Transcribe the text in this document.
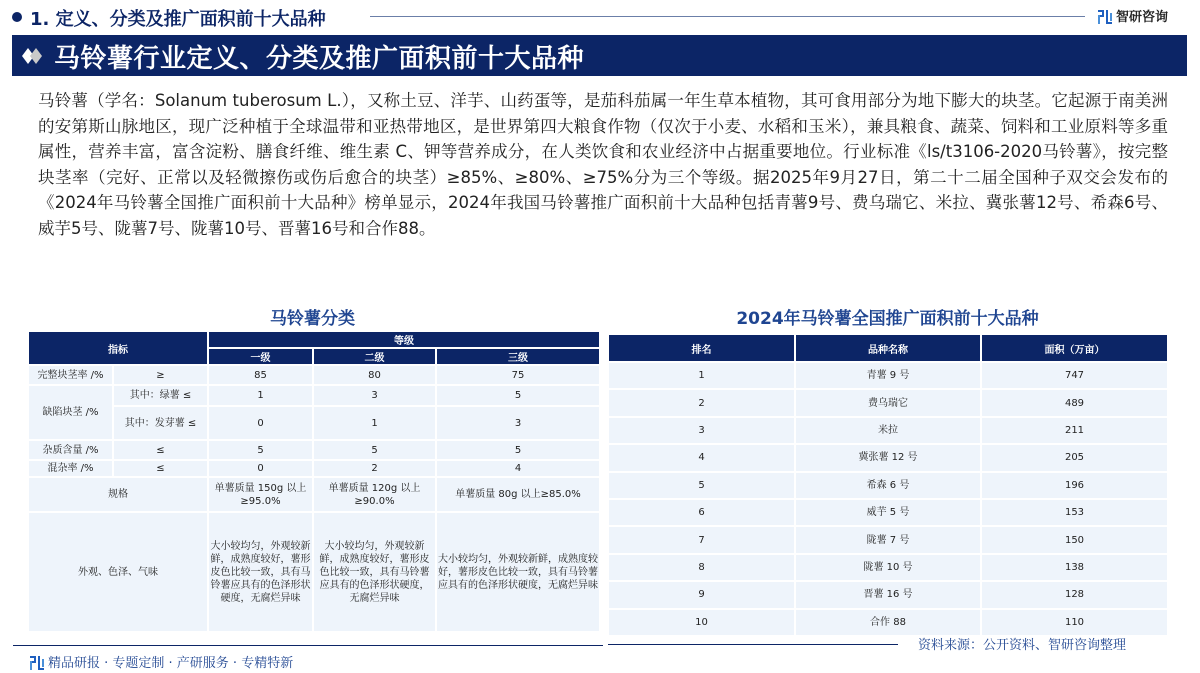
1. 定义、分类及推广面积前十大品种	智研咨询
马铃薯行业定义、分类及推广面积前十大品种

马铃薯（学名：Solanum tuberosum L.），又称土豆、洋芋、山药蛋等，是茄科茄属一年生草本植物，其可食用部分为地下膨大的块茎。它起源于南美洲的安第斯山脉地区，现广泛种植于全球温带和亚热带地区，是世界第四大粮食作物（仅次于小麦、水稻和玉米），兼具粮食、蔬菜、饲料和工业原料等多重属性，营养丰富，富含淀粉、膳食纤维、维生素 C、钾等营养成分，在人类饮食和农业经济中占据重要地位。行业标准《ls/t3106-2020马铃薯》，按完整块茎率（完好、正常以及轻微擦伤或伤后愈合的块茎）≥85%、≥80%、≥75%分为三个等级。据2025年9月27日，第二十二届全国种子双交会发布的《2024年马铃薯全国推广面积前十大品种》榜单显示，2024年我国马铃薯推广面积前十大品种包括青薯9号、费乌瑞它、米拉、冀张薯12号、希森6号、威芋5号、陇薯7号、陇薯10号、晋薯16号和合作88。

马铃薯分类
指标		等级		
		一级	二级	三级
完整块茎率 /%	≥	85	80	75
缺陷块茎 /%	其中：绿薯 ≤	1	3	5
	其中：发芽薯 ≤	0	1	3
杂质含量 /%	≤	5	5	5
混杂率 /%	≤	0	2	4
规格		单薯质量 150g 以上≥95.0%	单薯质量 120g 以上≥90.0%	单薯质量 80g 以上≥85.0%
外观、色泽、气味		大小较均匀，外观较新鲜，成熟度较好，薯形皮色比较一致，具有马铃薯应具有的色泽形状硬度，无腐烂异味	大小较均匀，外观较新鲜，成熟度较好，薯形皮色比较一致，具有马铃薯应具有的色泽形状硬度，无腐烂异味	大小较均匀，外观较新鲜，成熟度较好，薯形皮色比较一致，具有马铃薯应具有的色泽形状硬度，无腐烂异味
2024年马铃薯全国推广面积前十大品种
排名	品种名称	面积（万亩）
1	青薯 9 号	747
2	费乌瑞它	489
3	米拉	211
4	冀张薯 12 号	205
5	希森 6 号	196
6	威芋 5 号	153
7	陇薯 7 号	150
8	陇薯 10 号	138
9	晋薯 16 号	128
10	合作 88	110
资料来源：公开资料、智研咨询整理
精品研报 · 专题定制 · 产研服务 · 专精特新
